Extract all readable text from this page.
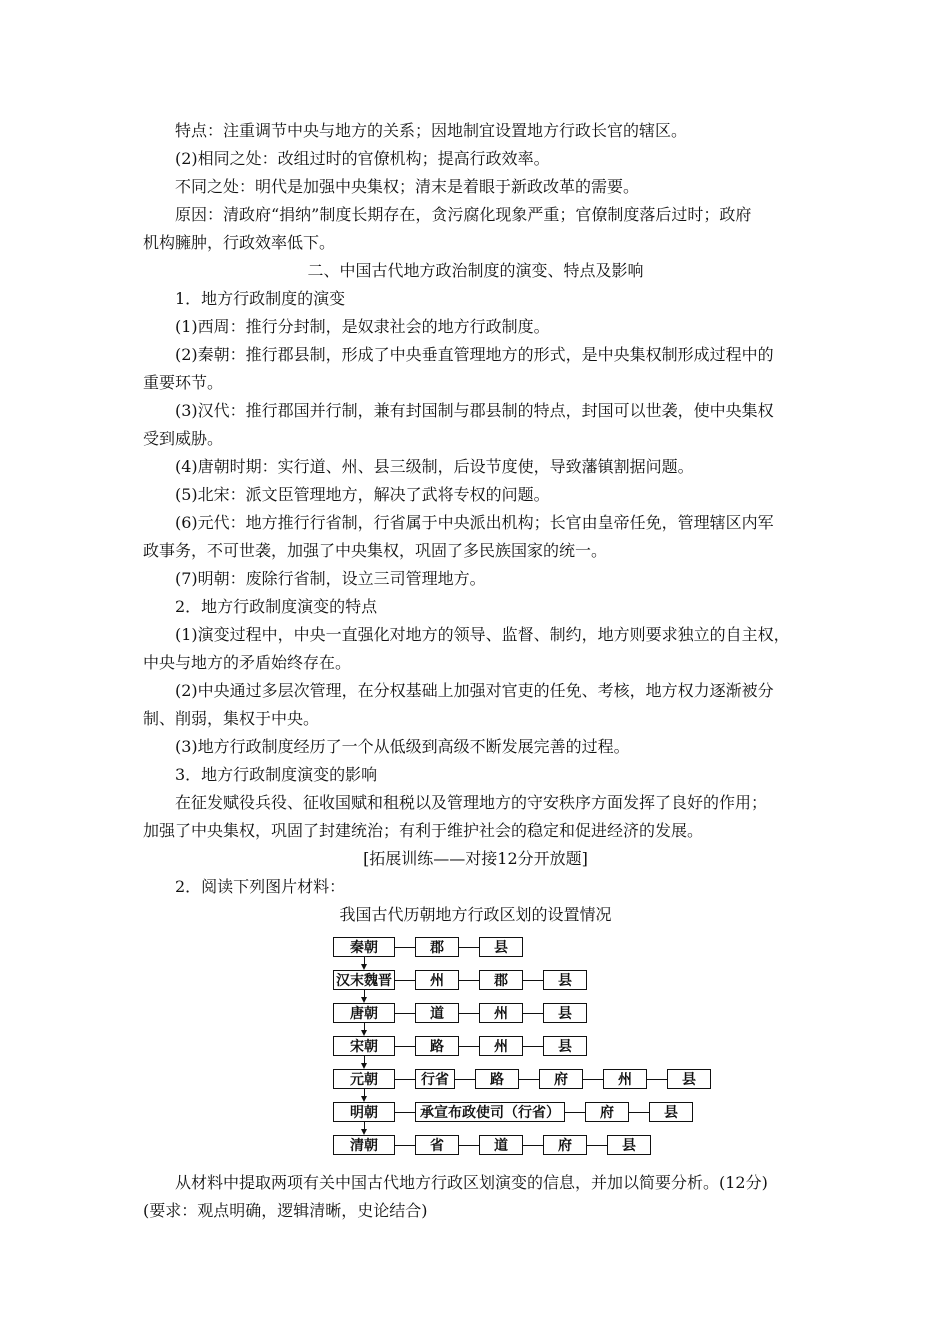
特点：注重调节中央与地方的关系；因地制宜设置地方行政长官的辖区。
(2)相同之处：改组过时的官僚机构；提高行政效率。
不同之处：明代是加强中央集权；清末是着眼于新政改革的需要。
原因：清政府“捐纳”制度长期存在，贪污腐化现象严重；官僚制度落后过时；政府
机构臃肿，行政效率低下。
二、中国古代地方政治制度的演变、特点及影响
1．地方行政制度的演变
(1)西周：推行分封制，是奴隶社会的地方行政制度。
(2)秦朝：推行郡县制，形成了中央垂直管理地方的形式，是中央集权制形成过程中的
重要环节。
(3)汉代：推行郡国并行制，兼有封国制与郡县制的特点，封国可以世袭，使中央集权
受到威胁。
(4)唐朝时期：实行道、州、县三级制，后设节度使，导致藩镇割据问题。
(5)北宋：派文臣管理地方，解决了武将专权的问题。
(6)元代：地方推行行省制，行省属于中央派出机构；长官由皇帝任免，管理辖区内军
政事务，不可世袭，加强了中央集权，巩固了多民族国家的统一。
(7)明朝：废除行省制，设立三司管理地方。
2．地方行政制度演变的特点
(1)演变过程中，中央一直强化对地方的领导、监督、制约，地方则要求独立的自主权，
中央与地方的矛盾始终存在。
(2)中央通过多层次管理，在分权基础上加强对官吏的任免、考核，地方权力逐渐被分
制、削弱，集权于中央。
(3)地方行政制度经历了一个从低级到高级不断发展完善的过程。
3．地方行政制度演变的影响
在征发赋役兵役、征收国赋和租税以及管理地方的守安秩序方面发挥了良好的作用；
加强了中央集权，巩固了封建统治；有利于维护社会的稳定和促进经济的发展。
[拓展训练——对接12分开放题]
2．阅读下列图片材料：
我国古代历朝地方行政区划的设置情况
秦朝	郡	县
汉末魏晋	州	郡	县
唐朝	道	州	县
宋朝	路	州	县
元朝	行省	路	府	州	县
明朝	承宣布政使司（行省）	府	县
清朝	省	道	府	县
从材料中提取两项有关中国古代地方行政区划演变的信息，并加以简要分析。(12分)
(要求：观点明确，逻辑清晰，史论结合)
